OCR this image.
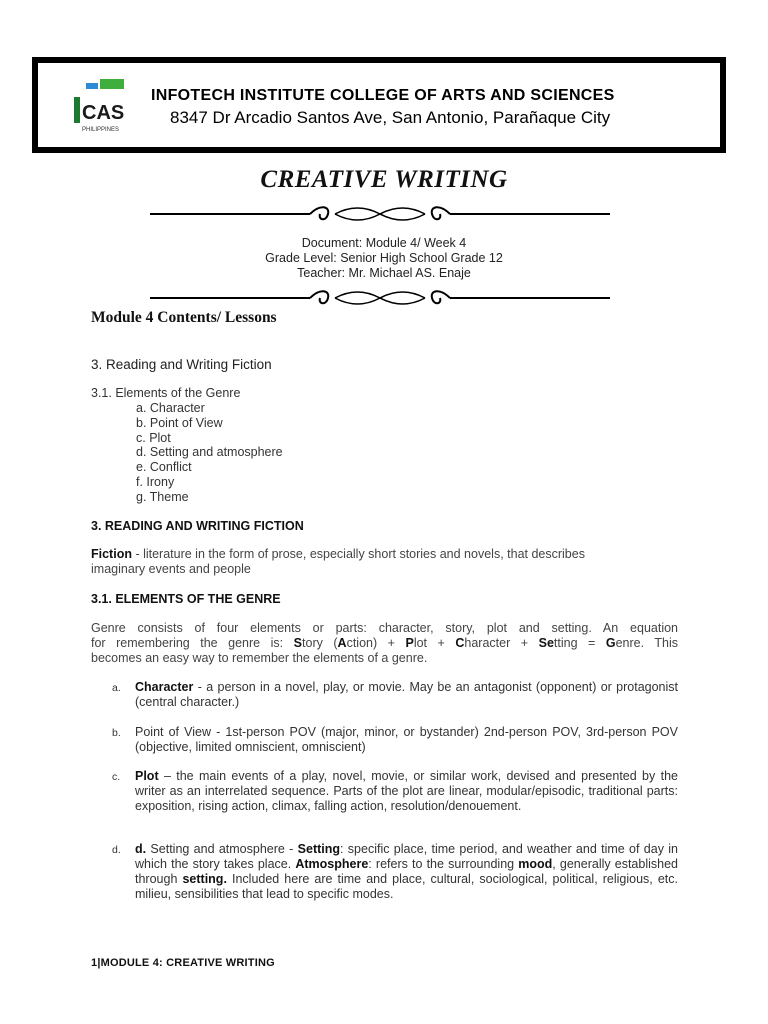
CAS
PHILIPPINES
INFOTECH INSTITUTE COLLEGE OF ARTS AND SCIENCES
8347 Dr Arcadio Santos Ave, San Antonio, Parañaque City
CREATIVE WRITING
Document: Module 4/ Week 4
Grade Level: Senior High School Grade 12
Teacher: Mr. Michael AS. Enaje
Module 4 Contents/ Lessons
3. Reading and Writing Fiction
3.1. Elements of the Genre
a. Character
b. Point of View
c. Plot
d. Setting and atmosphere
e. Conflict
f. Irony
g. Theme
3. READING AND WRITING FICTION
Fiction - literature in the form of prose, especially short stories and novels, that describes
imaginary events and people
3.1. ELEMENTS OF THE GENRE
Genre consists of four elements or parts: character, story, plot and setting. An equation
for remembering the genre is: Story (Action) + Plot + Character + Setting = Genre. This
becomes an easy way to remember the elements of a genre.
a. Character - a person in a novel, play, or movie. May be an antagonist (opponent) or protagonist (central character.)
b. Point of View - 1st-person POV (major, minor, or bystander) 2nd-person POV, 3rd-person POV (objective, limited omniscient, omniscient)
c. Plot – the main events of a play, novel, movie, or similar work, devised and presented by the writer as an interrelated sequence. Parts of the plot are linear, modular/episodic, traditional parts: exposition, rising action, climax, falling action, resolution/denouement.
d. d. Setting and atmosphere - Setting: specific place, time period, and weather and time of day in which the story takes place. Atmosphere: refers to the surrounding mood, generally established through setting. Included here are time and place, cultural, sociological, political, religious, etc. milieu, sensibilities that lead to specific modes.
1|MODULE 4: CREATIVE WRITING
